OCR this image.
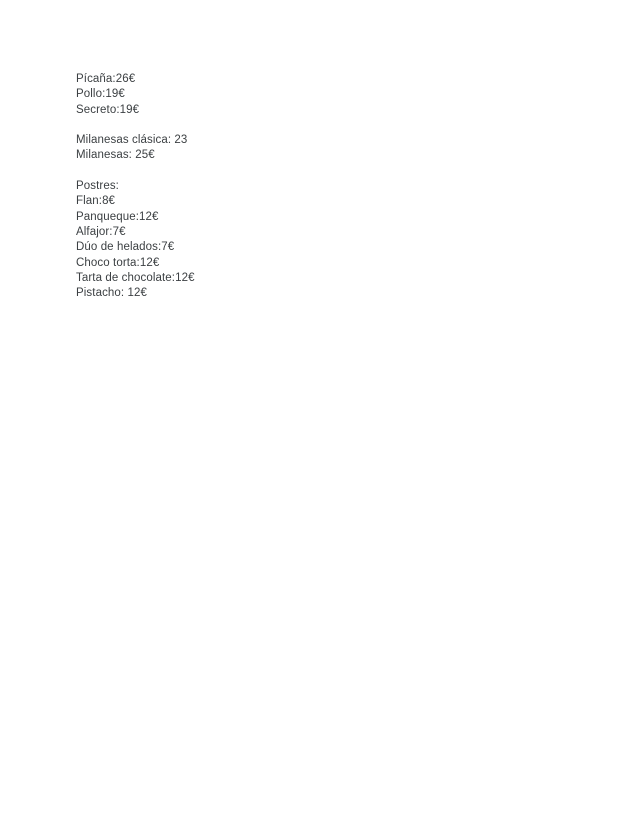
Pícaña:26€
Pollo:19€
Secreto:19€
Milanesas clásica: 23
Milanesas: 25€
Postres:
Flan:8€
Panqueque:12€
Alfajor:7€
Dúo de helados:7€
Choco torta:12€
Tarta de chocolate:12€
Pistacho: 12€
